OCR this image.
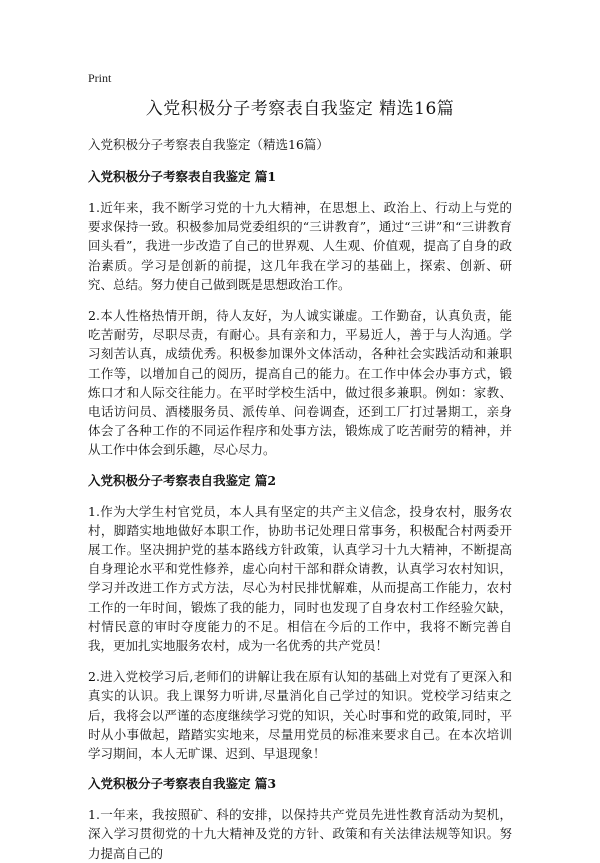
Print
入党积极分子考察表自我鉴定 精选16篇
入党积极分子考察表自我鉴定（精选16篇）
入党积极分子考察表自我鉴定 篇1

1.近年来，我不断学习党的十九大精神，在思想上、政治上、行动上与党的要求保持一致。积极参加局党委组织的“三讲教育”，通过“三讲”和“三讲教育回头看”，我进一步改造了自己的世界观、人生观、价值观，提高了自身的政治素质。学习是创新的前提，这几年我在学习的基础上，探索、创新、研究、总结。努力使自己做到既是思想政治工作。

2.本人性格热情开朗，待人友好，为人诚实谦虚。工作勤奋，认真负责，能吃苦耐劳，尽职尽责，有耐心。具有亲和力，平易近人，善于与人沟通。学习刻苦认真，成绩优秀。积极参加课外文体活动，各种社会实践活动和兼职工作等，以增加自己的阅历，提高自己的能力。在工作中体会办事方式，锻炼口才和人际交往能力。在平时学校生活中，做过很多兼职。例如：家教、电话访问员、酒楼服务员、派传单、问卷调查，还到工厂打过暑期工，亲身体会了各种工作的不同运作程序和处事方法，锻炼成了吃苦耐劳的精神，并从工作中体会到乐趣，尽心尽力。

入党积极分子考察表自我鉴定 篇2

1.作为大学生村官党员，本人具有坚定的共产主义信念，投身农村，服务农村，脚踏实地地做好本职工作，协助书记处理日常事务，积极配合村两委开展工作。坚决拥护党的基本路线方针政策，认真学习十九大精神，不断提高自身理论水平和党性修养，虚心向村干部和群众请教，认真学习农村知识，学习并改进工作方式方法，尽心为村民排忧解难，从而提高工作能力，农村工作的一年时间，锻炼了我的能力，同时也发现了自身农村工作经验欠缺，村情民意的审时夺度能力的不足。相信在今后的工作中，我将不断完善自我，更加扎实地服务农村，成为一名优秀的共产党员！

2.进入党校学习后,老师们的讲解让我在原有认知的基础上对党有了更深入和真实的认识。我上课努力听讲,尽量消化自己学过的知识。党校学习结束之后，我将会以严谨的态度继续学习党的知识，关心时事和党的政策,同时，平时从小事做起，踏踏实实地来，尽量用党员的标准来要求自己。在本次培训学习期间，本人无旷课、迟到、早退现象！

入党积极分子考察表自我鉴定 篇3

1.一年来，我按照矿、科的安排，以保持共产党员先进性教育活动为契机，深入学习贯彻党的十九大精神及党的方针、政策和有关法律法规等知识。努力提高自己的
